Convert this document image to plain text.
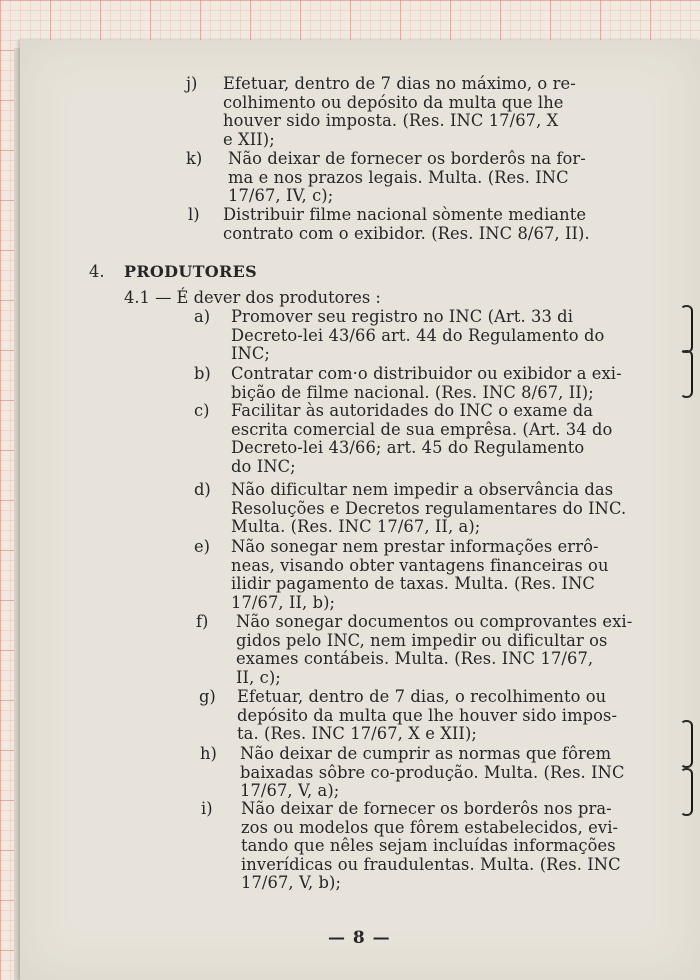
j) Efetuar, dentro de 7 dias no máximo, o re-
colhimento ou depósito da multa que lhe
houver sido imposta. (Res. INC 17/67, X
e XII);
k) Não deixar de fornecer os borderôs na for-
ma e nos prazos legais. Multa. (Res. INC
17/67, IV, c);
l) Distribuir filme nacional sòmente mediante
contrato com o exibidor. (Res. INC 8/67, II).
4. PRODUTORES
4.1 — É dever dos produtores :
a) Promover seu registro no INC (Art. 33 di
Decreto-lei 43/66 art. 44 do Regulamento do
INC;
b) Contratar com·o distribuidor ou exibidor a exi-
bição de filme nacional. (Res. INC 8/67, II);
c) Facilitar às autoridades do INC o exame da
escrita comercial de sua emprêsa. (Art. 34 do
Decreto-lei 43/66; art. 45 do Regulamento
do INC;
d) Não dificultar nem impedir a observância das
Resoluções e Decretos regulamentares do INC.
Multa. (Res. INC 17/67, II, a);
e) Não sonegar nem prestar informações errô-
neas, visando obter vantagens financeiras ou
ilidir pagamento de taxas. Multa. (Res. INC
17/67, II, b);
f) Não sonegar documentos ou comprovantes exi-
gidos pelo INC, nem impedir ou dificultar os
exames contábeis. Multa. (Res. INC 17/67,
II, c);
g) Efetuar, dentro de 7 dias, o recolhimento ou
depósito da multa que lhe houver sido impos-
ta. (Res. INC 17/67, X e XII);
h) Não deixar de cumprir as normas que fôrem
baixadas sôbre co-produção. Multa. (Res. INC
17/67, V, a);
i) Não deixar de fornecer os borderôs nos pra-
zos ou modelos que fôrem estabelecidos, evi-
tando que nêles sejam incluídas informações
inverídicas ou fraudulentas. Multa. (Res. INC
17/67, V, b);
— 8 —
